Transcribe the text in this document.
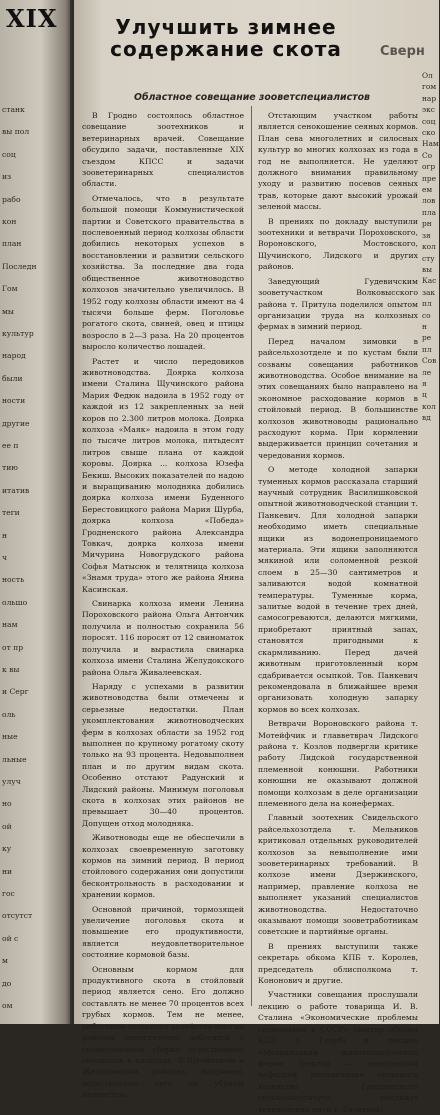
XIX
станк
вы пол
соц
из
рабо
кон
план
Последн
Гом
мы
культур
народ
были
ности
другие
ее п
тию
итатив
теги
н
ч
ность
ольшо
нам
от пр
к вы
и Серг
оль
ные
льные
улуч
но
ой
ку
ни
гос
отсутст
ой с
м
до
ом
гу
Улучшить зимнее содержание скота	Сверн
Областное совещание зооветспециалистов

В Гродно состоялось областное совещание зоотехников и ветеринарных врачей. Совещание обсудило задачи, поставленные XIX съездом КПСС и задачи зооветеринарных специалистов области.

Отмечалось, что в результате большой помощи Коммунистической партии и Советского правительства в послевоенный период колхозы области добились некоторых успехов в восстановлении и развитии сельского хозяйства. За последние два года общественное животноводство колхозов значительно увеличилось. В 1952 году колхозы области имеют на 4 тысячи больше ферм. Поголовье рогатого скота, свиней, овец и птицы возросло в 2—3 раза. На 20 процентов выросло количество лошадей.

Растет и число передовиков животноводства. Доярка колхоза имени Сталина Щучинского района Мария Федюк надоила в 1952 году от каждой из 12 закрепленных за ней коров по 2.300 литров молока. Доярка колхоза «Маяк» надоила в этом году по тысяче литров молока, пятьдесят литров свыше плана от каждой коровы. Доярка ... колхоза Юзефа Бекиш. Высоких показателей по надою и выращиванию молодняка добились доярка колхоза имени Буденного Берестовицкого района Мария Шурба, доярка колхоза «Победа» Гродненского района Александра Товкач, доярка колхоза имени Мичурина Новогрудского района Софья Матысюк и телятница колхоза «Знамя труда» этого же района Янина Касинская.

Свинарка колхоза имени Ленина Пороховского района Ольга Антончик получила и полностью сохранила 56 поросят. 116 поросят от 12 свиноматок получила и вырастила свинарка колхоза имени Сталина Желудокского района Ольга Живалеевская.

Наряду с успехами в развитии животноводства были отмечены и серьезные недостатки. План укомплектования животноводческих ферм в колхозах области за 1952 год выполнен по крупному рогатому скоту только на 93 процента. Недовыполнен план и по другим видам скота. Особенно отстают Радунский и Лидский районы. Минимум поголовья скота в колхозах этих районов не превышает 30—40 процентов. Допущен отход молодняка.

Животноводы еще не обеспечили в колхозах своевременную заготовку кормов на зимний период. В период стойлового содержания они допустили бесконтрольность в расходовании и хранении кормов.

Основной причиной, тормозящей увеличение поголовья скота и повышение его продуктивности, является неудовлетворительное состояние кормовой базы.

Основным кормом для продуктивного скота в стойловый период является сено. Его должно составлять не менее 70 процентов всех грубых кормов. Тем не менее, работники сельского хозяйства многих районов недостаточно заботятся о своевременной уборке естественных сенокосов в колхозах. В Щучинском и Желудокском районах, например, естественные луга не убраны полностью.

Отстающим участком работы является сенокошение сеяных кормов. План сева многолетних и силосных культур во многих колхозах из года в год не выполняется. Не уделяют должного внимания правильному уходу и развитию посевов сеяных трав, которые дают высокий урожай зеленой массы.

В прениях по докладу выступили зоотехники и ветврачи Пороховского, Вороновского, Мостовского, Щучинского, Лидского и других районов.

Заведующий Гудевичским зооветучастком Волковысского района т. Притула поделился опытом организации труда на колхозных фермах в зимний период.

Перед началом зимовки в райсельхозотделе и по кустам были созваны совещания работников животноводства. Особое внимание на этих совещаниях было направлено на экономное расходование кормов в стойловый период. В большинстве колхозов животноводы рационально расходуют корма. При кормлении выдерживается принцип сочетания и чередования кормов.

О методе холодной запарки туменных кормов рассказала старший научный сотрудник Василишковской опытной животноводческой станции т. Панкевич. Для холодной запарки необходимо иметь специальные ящики из водонепроницаемого материала. Эти ящики заполняются мякиной или соломенной резкой слоем в 25—30 сантиметров и заливаются водой комнатной температуры. Туменные корма, залитые водой в течение трех дней, самосогреваются, делаются мягкими, приобретают приятный запах, становятся пригодными к скармливанию. Перед дачей животным приготовленный корм сдабривается осыпкой. Тов. Панкевич рекомендовала в ближайшее время организовать холодную запарку кормов во всех колхозах.

Ветврачи Вороновского района т. Мотейфчик и главветврач Лидского района т. Козлов подвергли критике работу Лидской государственной племенной конюшни. Работники конюшни не оказывают должной помощи колхозам в деле организации племенного дела на конефермах.

Главный зоотехник Свидельского райсельхозотдела т. Мельников критиковал отдельных руководителей колхозов за невыполнение ими зооветеринарных требований. В колхозе имени Дзержинского, например, правление колхоза не выполняет указаний специалистов животноводства. Недостаточно оказывают помощи зооветработникам советские и партийные органы.

В прениях выступили также секретарь обкома КПБ т. Королев, председатель облисполкома т. Кононович и другие.

Участники совещания прослушали лекцию о работе товарища И. В. Сталина «Экономические проблемы социализма в СССР» (лектор обкома КПБ т. Голуб) и лекцию «Механизация животноводческих ферм» (лектор — заведующий кафедрой механизации сельского хозяйства Гродненского сельхозинститута, кандидат технических наук т. Евтихиев).

Ол
гом
нар
экс
соц
ско
Нам
Со
огр
пре
ем
лов
пла
рн
зя
кол
сту
вы
Кас
зак
пл
со
н
ре
пл
Сов
ле
я
ц
кол
вд
